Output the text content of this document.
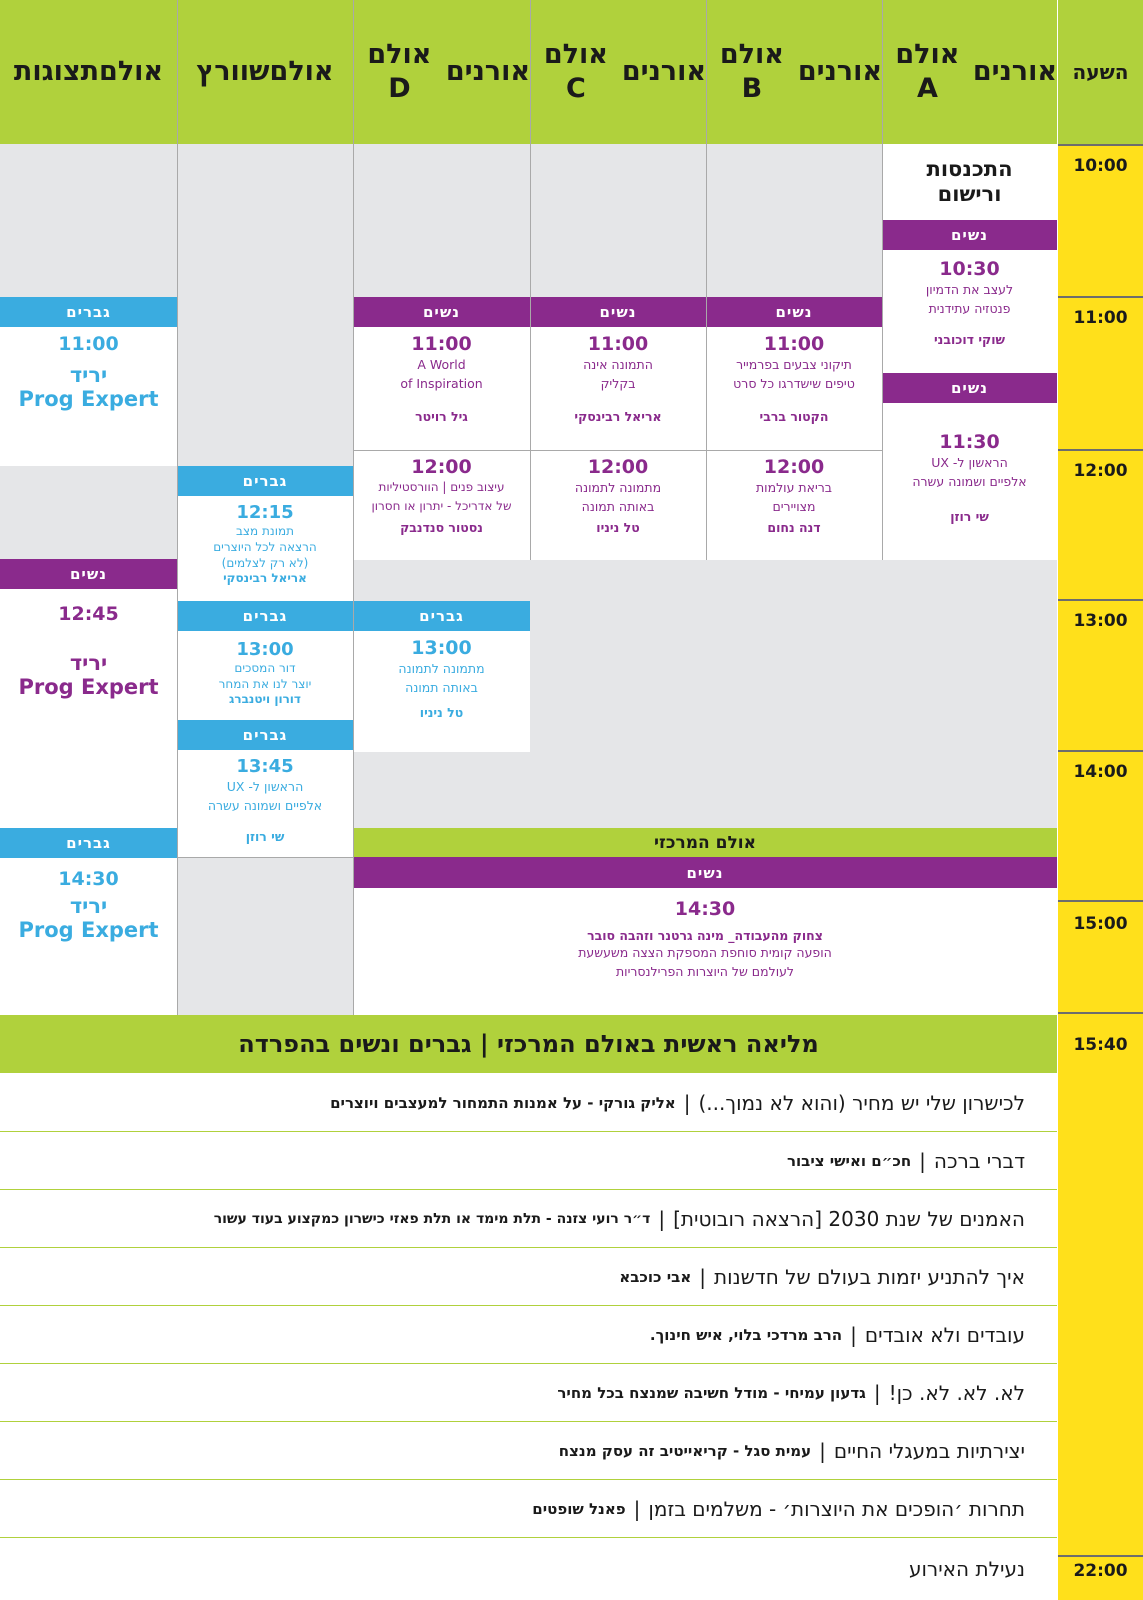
השעה
10:00
11:00
12:00
13:00
14:00
15:00
15:40
22:00
אורנים

אולם A
אורנים

אולם B
אורנים

אולם C
אורנים

אולם D
אולם

שוורץ
אולם

תצוגות
התכנסות
ורישום
נשים
10:30
לעצב את הדמיון
פנטזיה עתידנית
שוקי דוכובני
נשים
11:30
הראשון ל- UX
אלפיים ושמונה עשרה
שי רוזן
נשים
11:00
תיקוני צבעים בפרמייר
טיפים שישדרגו כל סרט
הקטור ברבי
12:00
בריאת עולמות
מצויירים
דנה נחום
נשים
11:00
התמונה אינה
בקליק
אריאל רבינסקי
12:00
מתמונה לתמונה
באותה תמונה
טל ניניו
נשים
11:00
A World
of Inspiration
גיל רויטר
12:00
עיצוב פנים | הוורסטיליות
של אדריכל - יתרון או חסרון
נסטור סנדנבק
גברים
13:00
מתמונה לתמונה
באותה תמונה
טל ניניו
גברים
12:15
תמונת מצב
הרצאה לכל היוצרים
(לא רק לצלמים)
אריאל רבינסקי
גברים
13:00
דור המסכים
יוצר לנו את המחר
דורון ויטנברג
גברים
13:45
הראשון ל- UX
אלפיים ושמונה עשרה
שי רוזן
גברים
11:00
יריד
Prog Expert
נשים
12:45
יריד
Prog Expert
גברים
14:30
יריד
Prog Expert
אולם המרכזי
נשים
14:30
צחוק מהעבודה_ מינה גרטנר וזהבה סובר
הופעה קומית סוחפת המספקת הצצה משעשעת
לעולמם של היוצרות הפרילנסריות
מליאה ראשית באולם המרכזי | גברים ונשים בהפרדה
לכישרון שלי יש מחיר (והוא לא נמוך...)
|
אליק גורקי - על אמנות התמחור למעצבים ויוצרים
דברי ברכה
|
חכ״ם ואישי ציבור
האמנים של שנת 2030 [הרצאה רובוטית]
|
ד״ר רועי צזנה - תלת מימד או תלת פאזי כישרון כמקצוע בעוד עשור
איך להתניע יזמות בעולם של חדשנות
|
אבי כוכבא
עובדים ולא אובדים
|
הרב מרדכי בלוי, איש חינוך.
לא. לא. לא. כן!
|
גדעון עמיחי - מודל חשיבה שמנצח בכל מחיר
יצירתיות במעגלי החיים
|
עמית סגל - קריאייטיב זה עסק מנצח
תחרות ׳הופכים את היוצרות׳ - משלמים בזמן
|
פאנל שופטים
נעילת האירוע
